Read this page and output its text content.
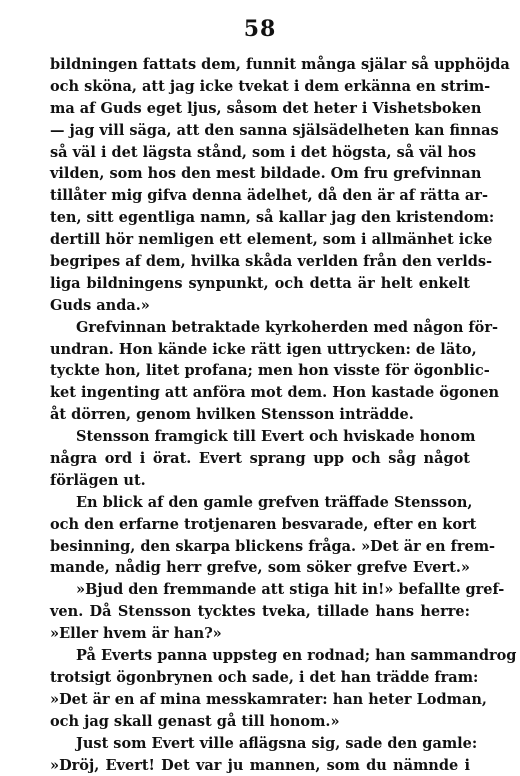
58
bildningen fattats dem, funnit många själar så upphöjda
och sköna, att jag icke tvekat i dem erkänna en strim-
ma af Guds eget ljus, såsom det heter i Vishetsboken
— jag vill säga, att den sanna själsädelheten kan finnas
så väl i det lägsta stånd, som i det högsta, så väl hos
vilden, som hos den mest bildade. Om fru grefvinnan
tillåter mig gifva denna ädelhet, då den är af rätta ar-
ten, sitt egentliga namn, så kallar jag den kristendom:
dertill hör nemligen ett element, som i allmänhet icke
begripes af dem, hvilka skåda verlden från den verlds-
liga bildningens synpunkt, och detta är helt enkelt
Guds anda.»
Grefvinnan betraktade kyrkoherden med någon för-
undran. Hon kände icke rätt igen uttrycken: de läto,
tyckte hon, litet profana; men hon visste för ögonblic-
ket ingenting att anföra mot dem. Hon kastade ögonen
åt dörren, genom hvilken Stensson inträdde.
Stensson framgick till Evert och hviskade honom
några ord i örat. Evert sprang upp och såg något
förlägen ut.
En blick af den gamle grefven träffade Stensson,
och den erfarne trotjenaren besvarade, efter en kort
besinning, den skarpa blickens fråga. »Det är en frem-
mande, nådig herr grefve, som söker grefve Evert.»
»Bjud den fremmande att stiga hit in!» befallte gref-
ven. Då Stensson tycktes tveka, tillade hans herre:
»Eller hvem är han?»
På Everts panna uppsteg en rodnad; han sammandrog
trotsigt ögonbrynen och sade, i det han trädde fram:
»Det är en af mina messkamrater: han heter Lodman,
och jag skall genast gå till honom.»
Just som Evert ville aflägsna sig, sade den gamle:
»Dröj, Evert! Det var ju mannen, som du nämnde i
